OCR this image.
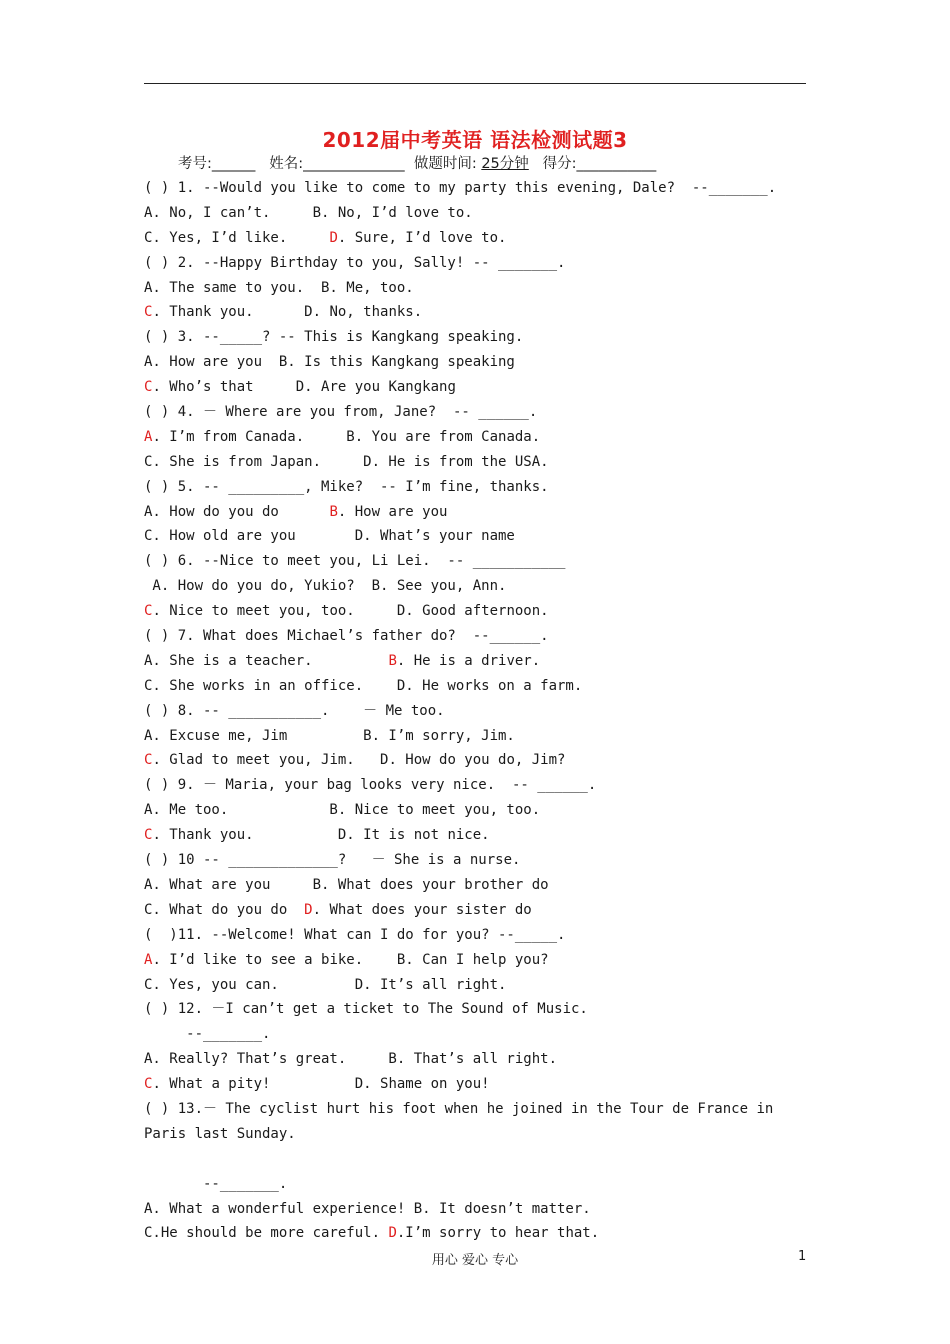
2012届中考英语 语法检测试题3
考号:______ 姓名:______________ 做题时间: 25分钟 得分:___________
( ) 1. --Would you like to come to my party this evening, Dale?  --_______.
A. No, I can’t.     B. No, I’d love to.
C. Yes, I’d like.     D. Sure, I’d love to.
( ) 2. --Happy Birthday to you, Sally! -- _______.
A. The same to you.  B. Me, too.
C. Thank you.      D. No, thanks.
( ) 3. --_____? -- This is Kangkang speaking.
A. How are you  B. Is this Kangkang speaking
C. Who’s that     D. Are you Kangkang
( ) 4. － Where are you from, Jane?  -- ______.
A. I’m from Canada.     B. You are from Canada.
C. She is from Japan.     D. He is from the USA.
( ) 5. -- _________, Mike?  -- I’m fine, thanks.
A. How do you do      B. How are you
C. How old are you       D. What’s your name
( ) 6. --Nice to meet you, Li Lei.  -- ___________
A. How do you do, Yukio?  B. See you, Ann.
C. Nice to meet you, too.     D. Good afternoon.
( ) 7. What does Michael’s father do?  --______.
A. She is a teacher.         B. He is a driver.
C. She works in an office.    D. He works on a farm.
( ) 8. -- ___________.    － Me too.
A. Excuse me, Jim         B. I’m sorry, Jim.
C. Glad to meet you, Jim.   D. How do you do, Jim?
( ) 9. － Maria, your bag looks very nice.  -- ______.
A. Me too.            B. Nice to meet you, too.
C. Thank you.          D. It is not nice.
( ) 10 -- _____________?   － She is a nurse.
A. What are you     B. What does your brother do
C. What do you do  D. What does your sister do
(  )11. --Welcome! What can I do for you? --_____.
A. I’d like to see a bike.    B. Can I help you?
C. Yes, you can.         D. It’s all right.
( ) 12. －I can’t get a ticket to The Sound of Music.
--_______.
A. Really? That’s great.     B. That’s all right.
C. What a pity!          D. Shame on you!
( ) 13.－ The cyclist hurt his foot when he joined in the Tour de France in
Paris last Sunday.
--_______.
A. What a wonderful experience! B. It doesn’t matter.
C.He should be more careful. D.I’m sorry to hear that.
用心 爱心 专心	1
